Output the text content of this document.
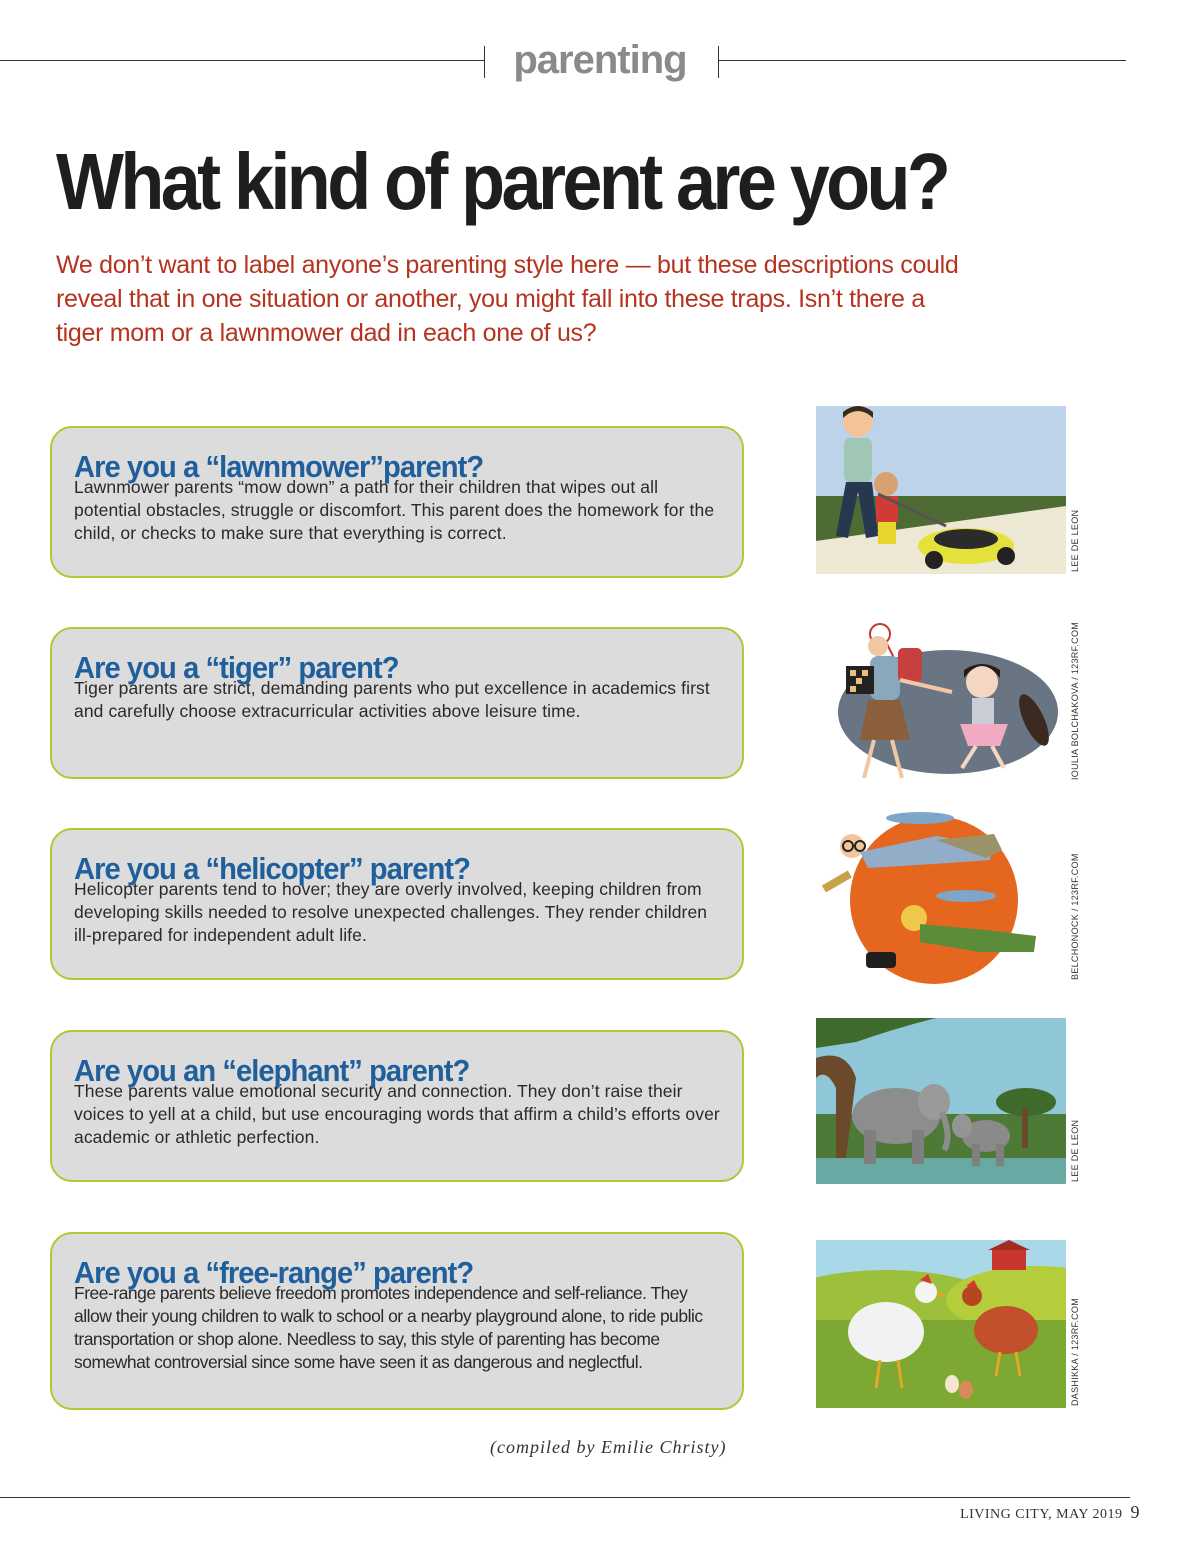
parenting
What kind of parent are you?

We don’t want to label anyone’s parenting style here — but these descriptions could reveal that in one situation or another, you might fall into these traps. Isn’t there a tiger mom or a lawnmower dad in each one of us?

Are you a “lawnmower”parent?

Lawnmower parents “mow down” a path for their children that wipes out all potential obstacles, struggle or discomfort. This parent does the homework for the child, or checks to make sure that everything is correct.	LEE DE LEON
Are you a “tiger” parent?

Tiger parents are strict, demanding parents who put excellence in academics first and carefully choose extracurricular activities above leisure time.	IOULIA BOLCHAKOVA / 123RF.COM
Are you a “helicopter” parent?

Helicopter parents tend to hover; they are overly involved, keeping children from developing skills needed to resolve unexpected challenges. They render children ill-prepared for independent adult life.	BELCHONOCK / 123RF.COM
Are you an “elephant” parent?

These parents value emotional security and connection. They don’t raise their voices to yell at a child, but use encouraging words that affirm a child’s efforts over academic or athletic perfection.	LEE DE LEON
Are you a “free-range” parent?

Free-range parents believe freedom promotes independence and self-reliance. They allow their young children to walk to school or a nearby playground alone, to ride public transportation or shop alone. Needless to say, this style of parenting has become somewhat controversial since some have seen it as dangerous and neglectful.	DASHIKKA / 123RF.COM
(compiled by Emilie Christy)
LIVING CITY, MAY 2019 9
